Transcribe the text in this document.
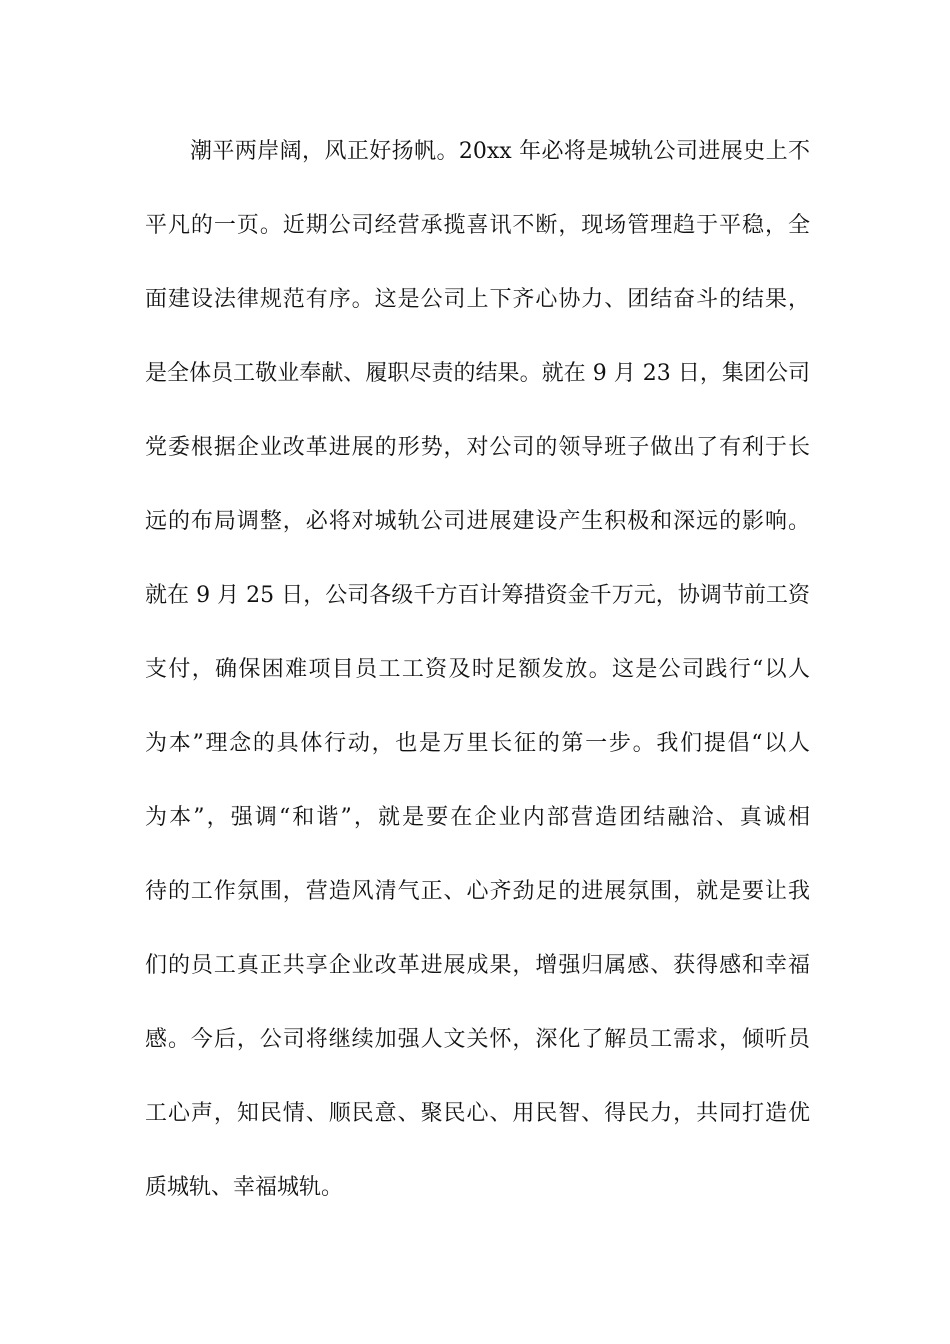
潮平两岸阔，风正好扬帆。20xx 年必将是城轨公司进展史上不
平凡的一页。近期公司经营承揽喜讯不断，现场管理趋于平稳，全
面建设法律规范有序。这是公司上下齐心协力、团结奋斗的结果，
是全体员工敬业奉献、履职尽责的结果。就在 9 月 23 日，集团公司
党委根据企业改革进展的形势，对公司的领导班子做出了有利于长
远的布局调整，必将对城轨公司进展建设产生积极和深远的影响。
就在 9 月 25 日，公司各级千方百计筹措资金千万元，协调节前工资
支付，确保困难项目员工工资及时足额发放。这是公司践行“以人
为本”理念的具体行动，也是万里长征的第一步。我们提倡“以人
为本”，强调“和谐”，就是要在企业内部营造团结融洽、真诚相
待的工作氛围，营造风清气正、心齐劲足的进展氛围，就是要让我
们的员工真正共享企业改革进展成果，增强归属感、获得感和幸福
感。今后，公司将继续加强人文关怀，深化了解员工需求，倾听员
工心声，知民情、顺民意、聚民心、用民智、得民力，共同打造优
质城轨、幸福城轨。
